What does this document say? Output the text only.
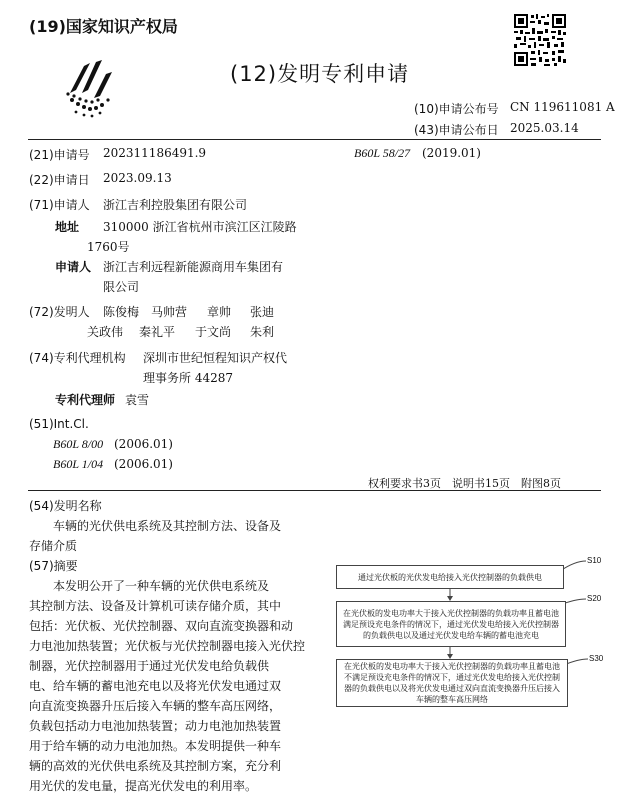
(19)国家知识产权局
(12)发明专利申请
(10)申请公布号 CN 119611081 A
(43)申请公布日 2025.03.14
(21)申请号 202311186491.9	B60L 58/27 (2019.01)
(22)申请日 2023.09.13
(71)申请人 浙江吉利控股集团有限公司
地址 310000 浙江省杭州市滨江区江陵路
1760号
申请人 浙江吉利远程新能源商用车集团有
限公司
(72)发明人 陈俊梅 马帅营 章帅 张迪
关政伟 秦礼平 于文尚 朱利
(74)专利代理机构 深圳市世纪恒程知识产权代
理事务所 44287
专利代理师 袁雪
(51)Int.Cl.
B60L 8/00 (2006.01)
B60L 1/04 (2006.01)
权利要求书3页　说明书15页　附图8页
(54)发明名称
车辆的光伏供电系统及其控制方法、设备及
存储介质
(57)摘要
本发明公开了一种车辆的光伏供电系统及
其控制方法、设备及计算机可读存储介质，其中
包括：光伏板、光伏控制器、双向直流变换器和动
力电池加热装置；光伏板与光伏控制器电接入光伏控
制器，光伏控制器用于通过光伏发电给负载供
电、给车辆的蓄电池充电以及将光伏发电通过双
向直流变换器升压后接入车辆的整车高压网络，
负载包括动力电池加热装置；动力电池加热装置
用于给车辆的动力电池加热。本发明提供一种车
辆的高效的光伏供电系统及其控制方案，充分利
用光伏的发电量，提高光伏发电的利用率。
通过光伏板的光伏发电给接入光伏控制器的负载供电
S10
在光伏板的发电功率大于接入光伏控制器的负载功率且蓄电池满足预设充电条件的情况下，通过光伏发电给接入光伏控制器的负载供电以及通过光伏发电给车辆的蓄电池充电
S20
在光伏板的发电功率大于接入光伏控制器的负载功率且蓄电池不满足预设充电条件的情况下，通过光伏发电给接入光伏控制器的负载供电以及将光伏发电通过双向直流变换器升压后接入车辆的整车高压网络
S30
